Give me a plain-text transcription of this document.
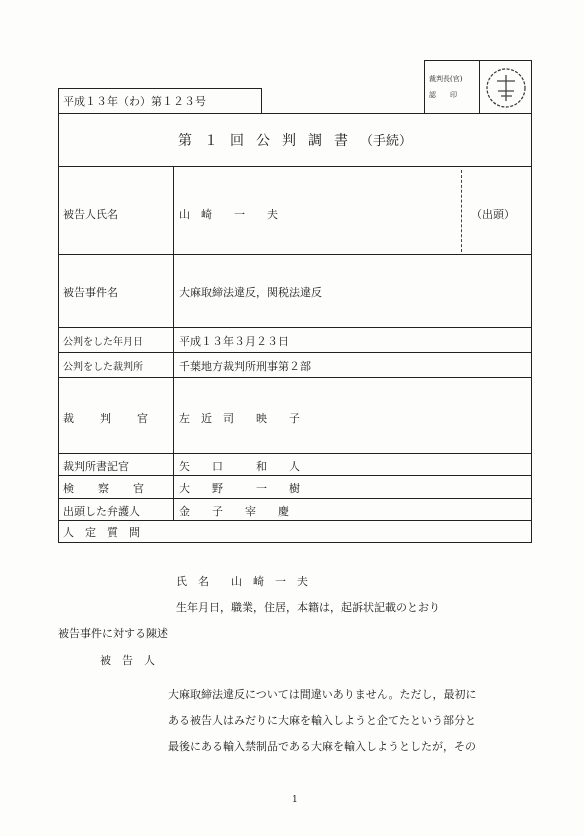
平成１３年（わ）第１２３号
裁判長(官)
認　　印
第１回公判調書（手続）
被告人氏名	山　崎　　一　　夫	（出頭）
被告事件名	大麻取締法違反，関税法違反
公判をした年月日	平成１３年３月２３日
公判をした裁判所	千葉地方裁判所刑事第２部
裁判官 左　近　司　　映　　子
裁判所書記官	矢　　口　　　和　　人
検察官 大　　野　　　一　　樹
出頭した弁護人	金　　子　　宰　　慶
人　定　質　問
氏　名　　山　崎　一　夫
生年月日，職業，住居，本籍は，起訴状記載のとおり
被告事件に対する陳述
被　告　人
大麻取締法違反については間違いありません。ただし，最初に
ある被告人はみだりに大麻を輸入しようと企てたという部分と
最後にある輸入禁制品である大麻を輸入しようとしたが，その
1
